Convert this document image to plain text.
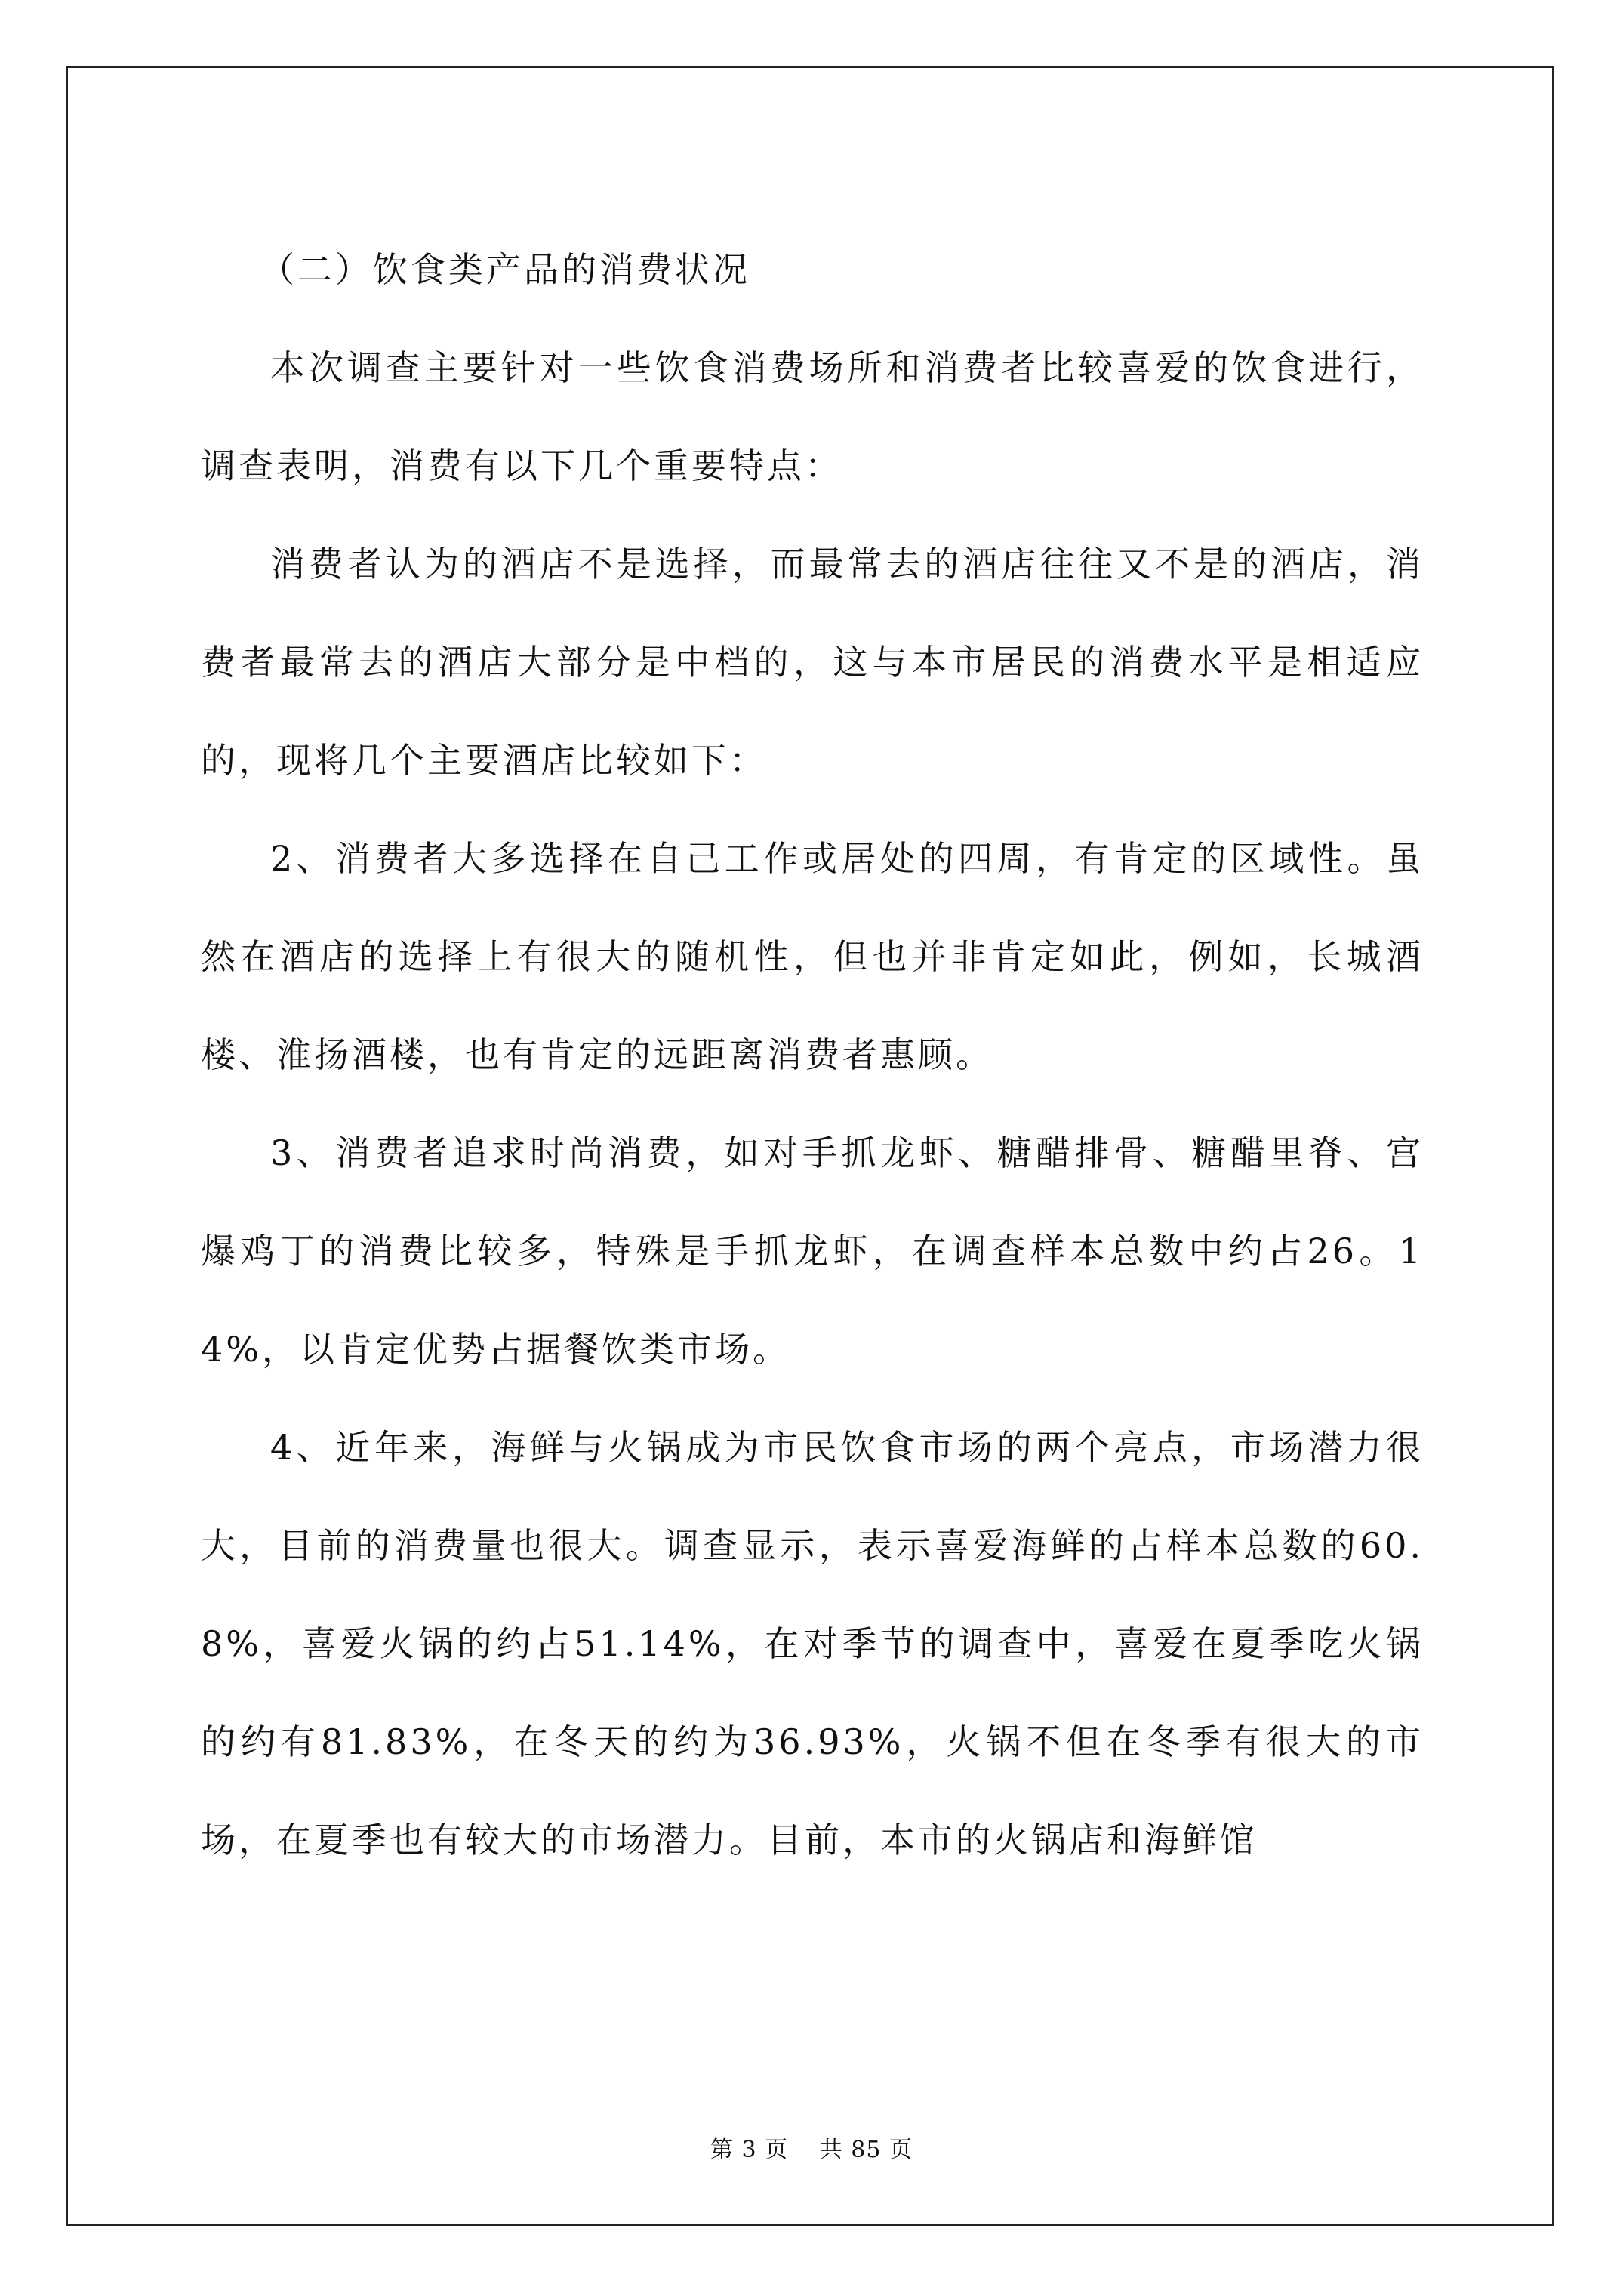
（二）饮食类产品的消费状况

本次调查主要针对一些饮食消费场所和消费者比较喜爱的饮食进行，调查表明，消费有以下几个重要特点：

消费者认为的酒店不是选择，而最常去的酒店往往又不是的酒店，消费者最常去的酒店大部分是中档的，这与本市居民的消费水平是相适应的，现将几个主要酒店比较如下：

2、消费者大多选择在自己工作或居处的四周，有肯定的区域性。虽然在酒店的选择上有很大的随机性，但也并非肯定如此，例如，长城酒楼、淮扬酒楼，也有肯定的远距离消费者惠顾。

3、消费者追求时尚消费，如对手抓龙虾、糖醋排骨、糖醋里脊、宫爆鸡丁的消费比较多，特殊是手抓龙虾，在调查样本总数中约占26。14%，以肯定优势占据餐饮类市场。

4、近年来，海鲜与火锅成为市民饮食市场的两个亮点，市场潜力很大，目前的消费量也很大。调查显示，表示喜爱海鲜的占样本总数的60.8%，喜爱火锅的约占51.14%，在对季节的调查中，喜爱在夏季吃火锅的约有81.83%，在冬天的约为36.93%，火锅不但在冬季有很大的市场，在夏季也有较大的市场潜力。目前，本市的火锅店和海鲜馆

第 3 页　 共 85 页
